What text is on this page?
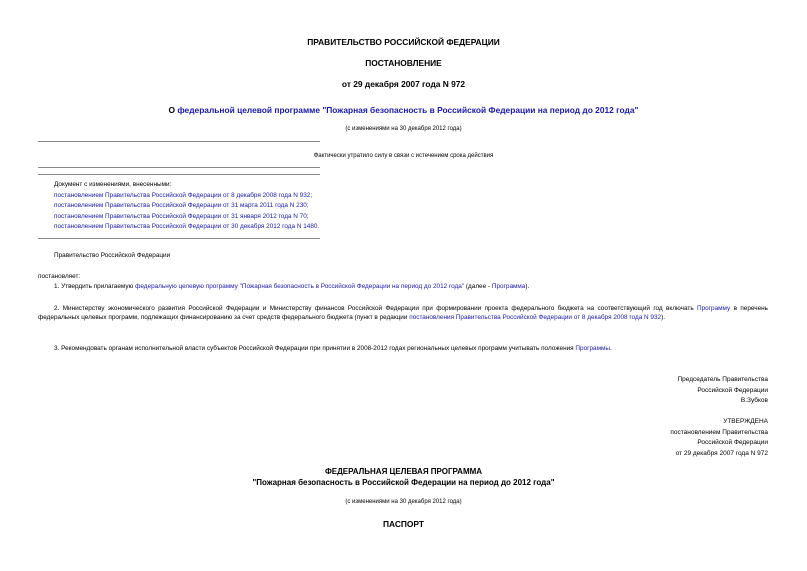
ПРАВИТЕЛЬСТВО РОССИЙСКОЙ ФЕДЕРАЦИИ
ПОСТАНОВЛЕНИЕ
от 29 декабря 2007 года N 972
О федеральной целевой программе "Пожарная безопасность в Российской Федерации на период до 2012 года"
(с изменениями на 30 декабря 2012 года)
Фактически утратило силу в связи с истечением срока действия
Документ с изменениями, внесенными:
постановлением Правительства Российской Федерации от 8 декабря 2008 года N 932;
постановлением Правительства Российской Федерации от 31 марта 2011 года N 230;
постановлением Правительства Российской Федерации от 31 января 2012 года N 70;
постановлением Правительства Российской Федерации от 30 декабря 2012 года N 1480.
Правительство Российской Федерации
постановляет:
1. Утвердить прилагаемую федеральную целевую программу "Пожарная безопасность в Российской Федерации на период до 2012 года" (далее - Программа).
2. Министерству экономического развития Российской Федерации и Министерству финансов Российской Федерации при формировании проекта федерального бюджета на соответствующий год включать Программу в перечень федеральных целевых программ, подлежащих финансированию за счет средств федерального бюджета (пункт в редакции постановления Правительства Российской Федерации от 8 декабря 2008 года N 932).
3. Рекомендовать органам исполнительной власти субъектов Российской Федерации при принятии в 2008-2012 годах региональных целевых программ учитывать положения Программы.
Председатель Правительства
Российской Федерации
В.Зубков
УТВЕРЖДЕНА
постановлением Правительства
Российской Федерации
от 29 декабря 2007 года N 972
ФЕДЕРАЛЬНАЯ ЦЕЛЕВАЯ ПРОГРАММА
"Пожарная безопасность в Российской Федерации на период до 2012 года"
(с изменениями на 30 декабря 2012 года)
ПАСПОРТ
